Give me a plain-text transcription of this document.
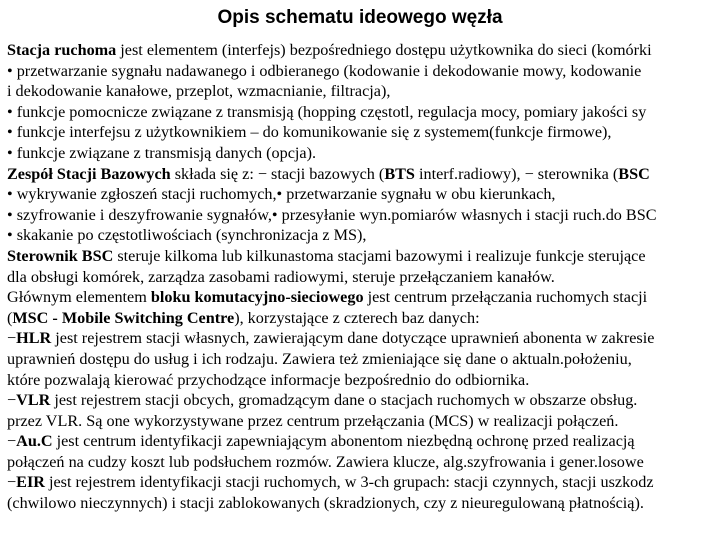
Opis schematu ideowego węzła
Stacja ruchoma jest elementem (interfejs) bezpośredniego dostępu użytkownika do sieci (komórki
• przetwarzanie sygnału nadawanego i odbieranego (kodowanie i dekodowanie mowy, kodowanie
i dekodowanie kanałowe, przeplot, wzmacnianie, filtracja),
• funkcje pomocnicze związane z transmisją (hopping częstotl, regulacja mocy, pomiary jakości sy
• funkcje interfejsu z użytkownikiem – do komunikowanie się z systemem(funkcje firmowe),
• funkcje związane z transmisją danych (opcja).
Zespół Stacji Bazowych składa się z: − stacji bazowych (BTS interf.radiowy), − sterownika (BSC
• wykrywanie zgłoszeń stacji ruchomych,• przetwarzanie sygnału w obu kierunkach,
• szyfrowanie i deszyfrowanie sygnałów,• przesyłanie wyn.pomiarów własnych i stacji ruch.do BSC
• skakanie po częstotliwościach (synchronizacja z MS),
Sterownik BSC steruje kilkoma lub kilkunastoma stacjami bazowymi i realizuje funkcje sterujące
dla obsługi komórek, zarządza zasobami radiowymi, steruje przełączaniem kanałów.
Głównym elementem bloku komutacyjno-sieciowego jest centrum przełączania ruchomych stacji
(MSC - Mobile Switching Centre), korzystające z czterech baz danych:
−HLR jest rejestrem stacji własnych, zawierającym dane dotyczące uprawnień abonenta w zakresie
uprawnień dostępu do usług i ich rodzaju. Zawiera też zmieniające się dane o aktualn.położeniu,
które pozwalają kierować przychodzące informacje bezpośrednio do odbiornika.
−VLR jest rejestrem stacji obcych, gromadzącym dane o stacjach ruchomych w obszarze obsług.
przez VLR. Są one wykorzystywane przez centrum przełączania (MCS) w realizacji połączeń.
−Au.C jest centrum identyfikacji zapewniającym abonentom niezbędną ochronę przed realizacją
połączeń na cudzy koszt lub podsłuchem rozmów. Zawiera klucze, alg.szyfrowania i gener.losowe
−EIR jest rejestrem identyfikacji stacji ruchomych, w 3-ch grupach: stacji czynnych, stacji uszkodz
(chwilowo nieczynnych) i stacji zablokowanych (skradzionych, czy z nieuregulowaną płatnością).
